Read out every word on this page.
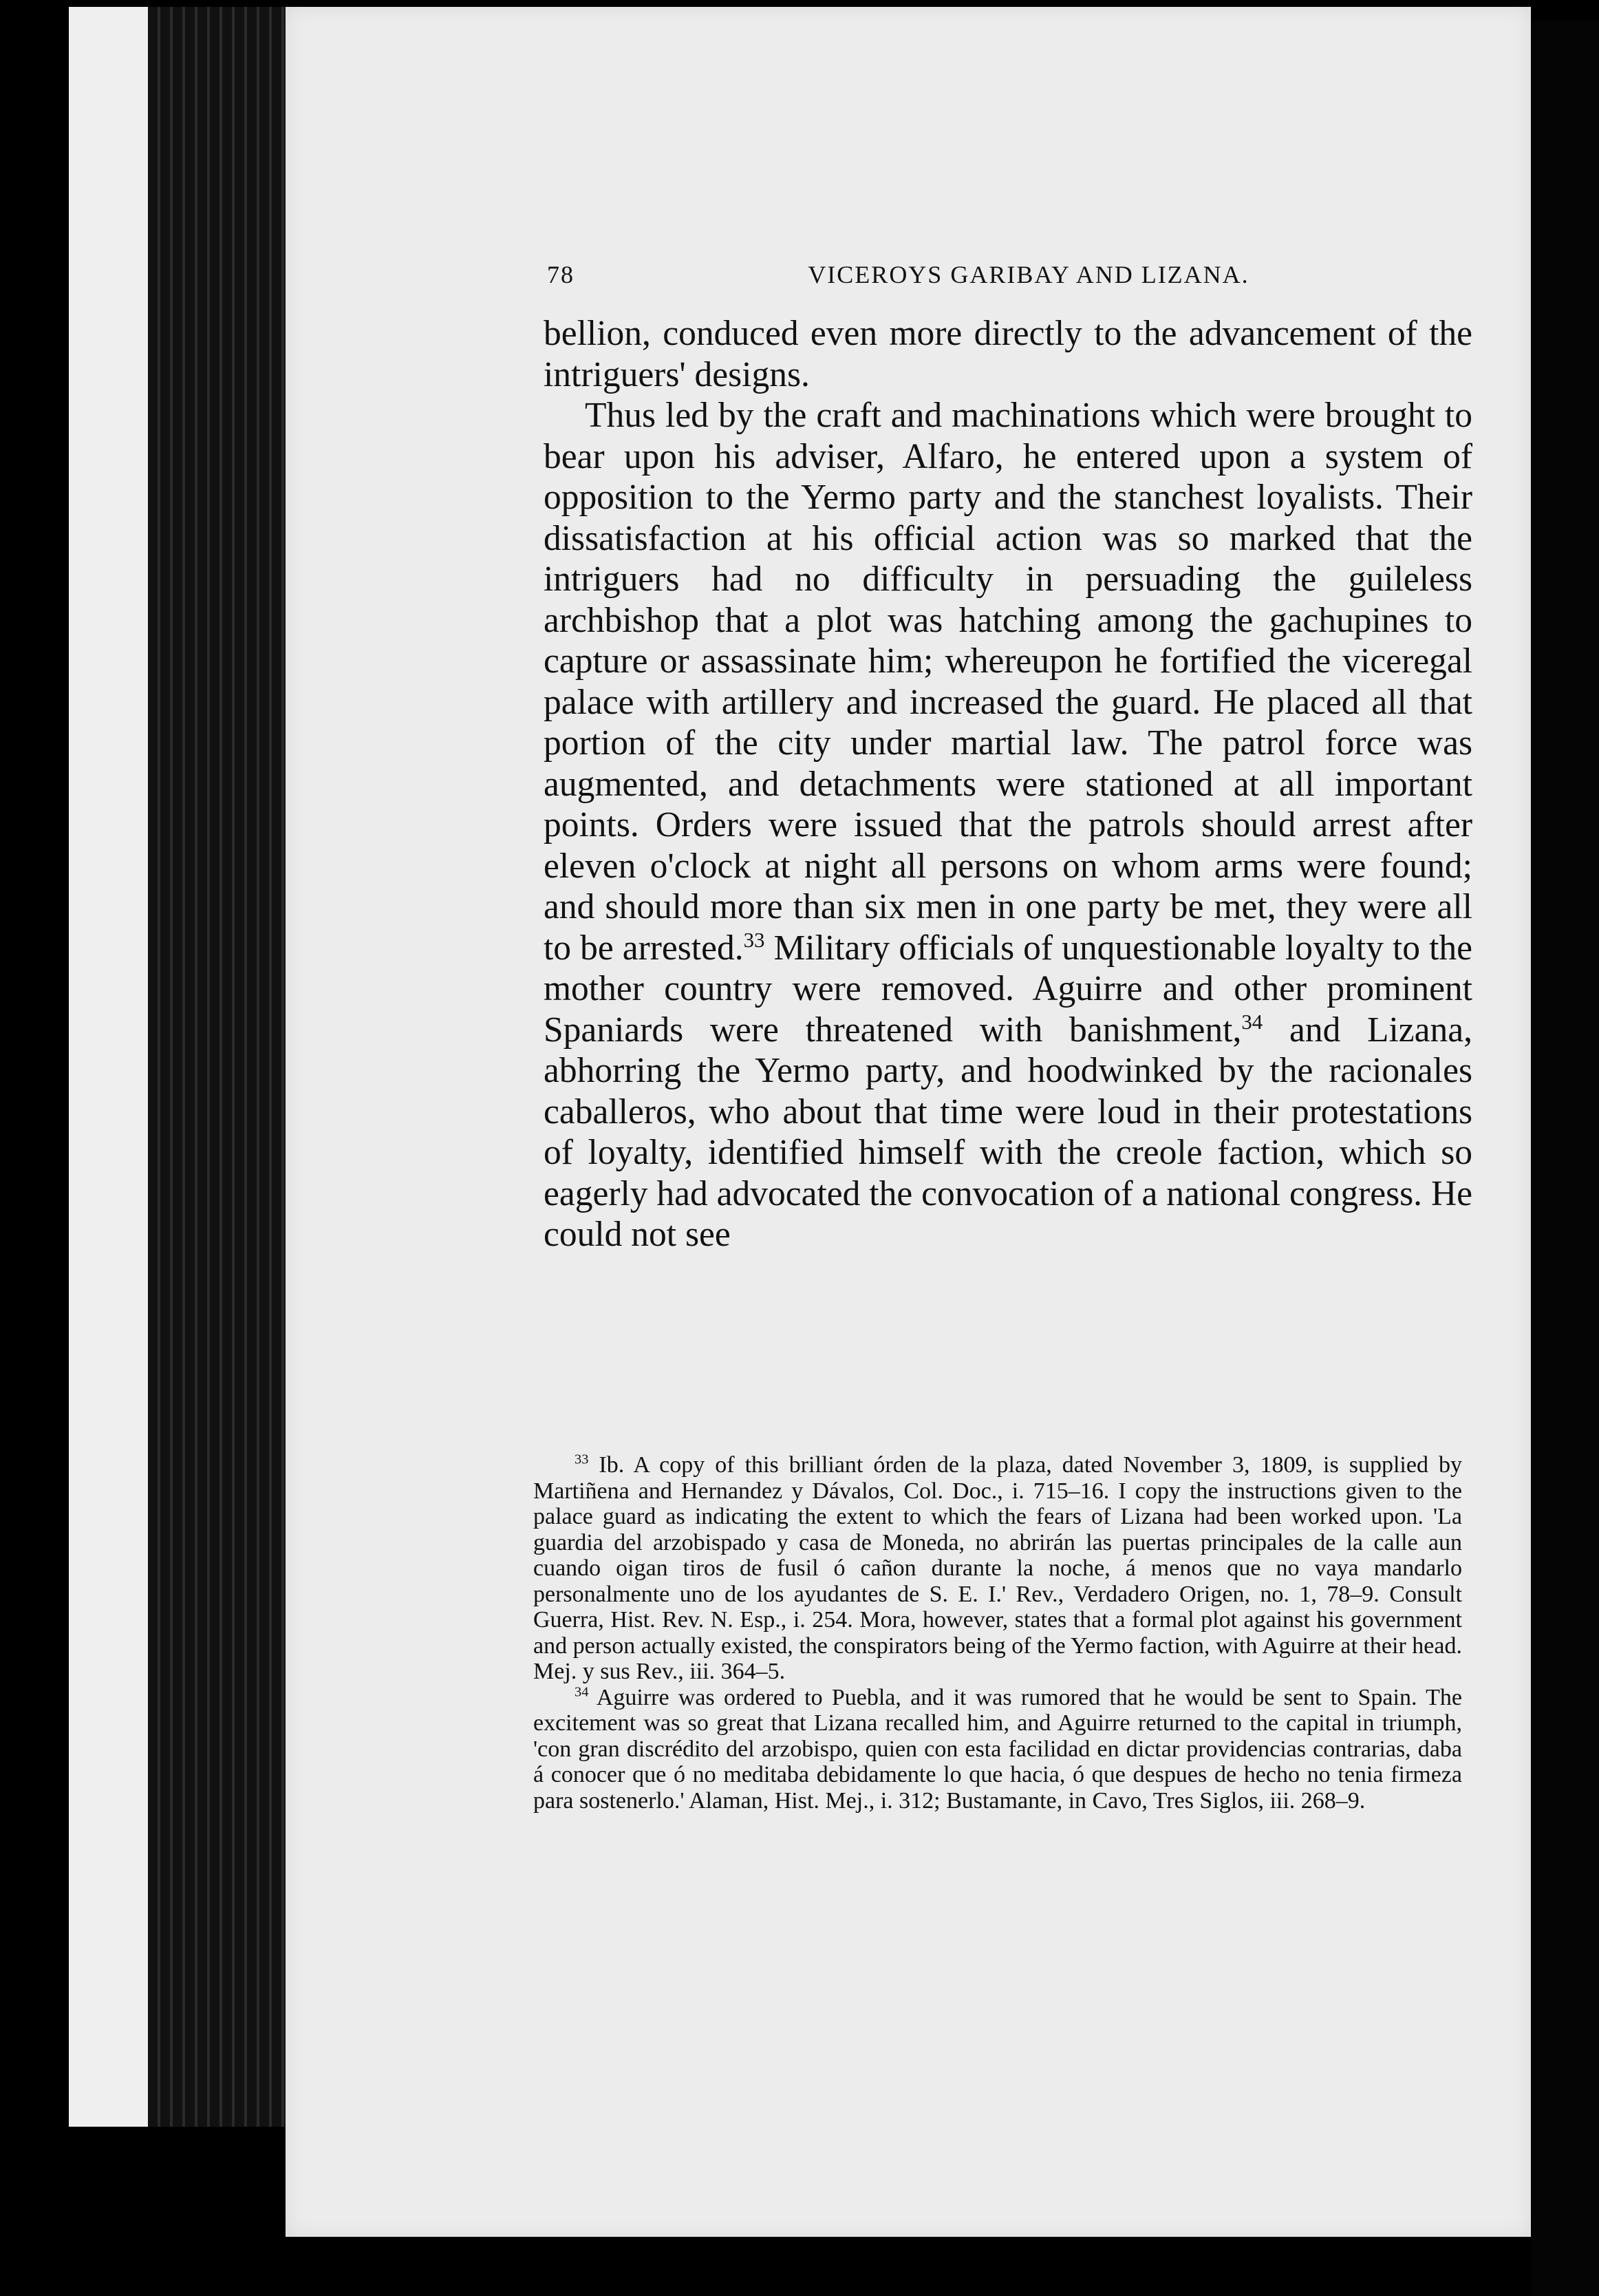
78	VICEROYS GARIBAY AND LIZANA.

bellion, conduced even more directly to the advancement of the intriguers' designs.

Thus led by the craft and machinations which were brought to bear upon his adviser, Alfaro, he entered upon a system of opposition to the Yermo party and the stanchest loyalists. Their dissatisfaction at his official action was so marked that the intriguers had no difficulty in persuading the guileless archbishop that a plot was hatching among the gachupines to capture or assassinate him; whereupon he fortified the viceregal palace with artillery and increased the guard. He placed all that portion of the city under martial law. The patrol force was augmented, and detachments were stationed at all important points. Orders were issued that the patrols should arrest after eleven o'clock at night all persons on whom arms were found; and should more than six men in one party be met, they were all to be arrested.$^{33}$ Military officials of unquestionable loyalty to the mother country were removed. Aguirre and other prominent Spaniards were threatened with banishment,$^{34}$ and Lizana, abhorring the Yermo party, and hoodwinked by the racionales caballeros, who about that time were loud in their protestations of loyalty, identified himself with the creole faction, which so eagerly had advocated the convocation of a national congress. He could not see

$^{33}$ Ib. A copy of this brilliant órden de la plaza, dated November 3, 1809, is supplied by Martiñena and Hernandez y Dávalos, Col. Doc., i. 715–16. I copy the instructions given to the palace guard as indicating the extent to which the fears of Lizana had been worked upon. 'La guardia del arzobispado y casa de Moneda, no abrirán las puertas principales de la calle aun cuando oigan tiros de fusil ó cañon durante la noche, á menos que no vaya mandarlo personalmente uno de los ayudantes de S. E. I.' Rev., Verdadero Origen, no. 1, 78–9. Consult Guerra, Hist. Rev. N. Esp., i. 254. Mora, however, states that a formal plot against his government and person actually existed, the conspirators being of the Yermo faction, with Aguirre at their head. Mej. y sus Rev., iii. 364–5.

$^{34}$ Aguirre was ordered to Puebla, and it was rumored that he would be sent to Spain. The excitement was so great that Lizana recalled him, and Aguirre returned to the capital in triumph, 'con gran discrédito del arzobispo, quien con esta facilidad en dictar providencias contrarias, daba á conocer que ó no meditaba debidamente lo que hacia, ó que despues de hecho no tenia firmeza para sostenerlo.' Alaman, Hist. Mej., i. 312; Bustamante, in Cavo, Tres Siglos, iii. 268–9.
